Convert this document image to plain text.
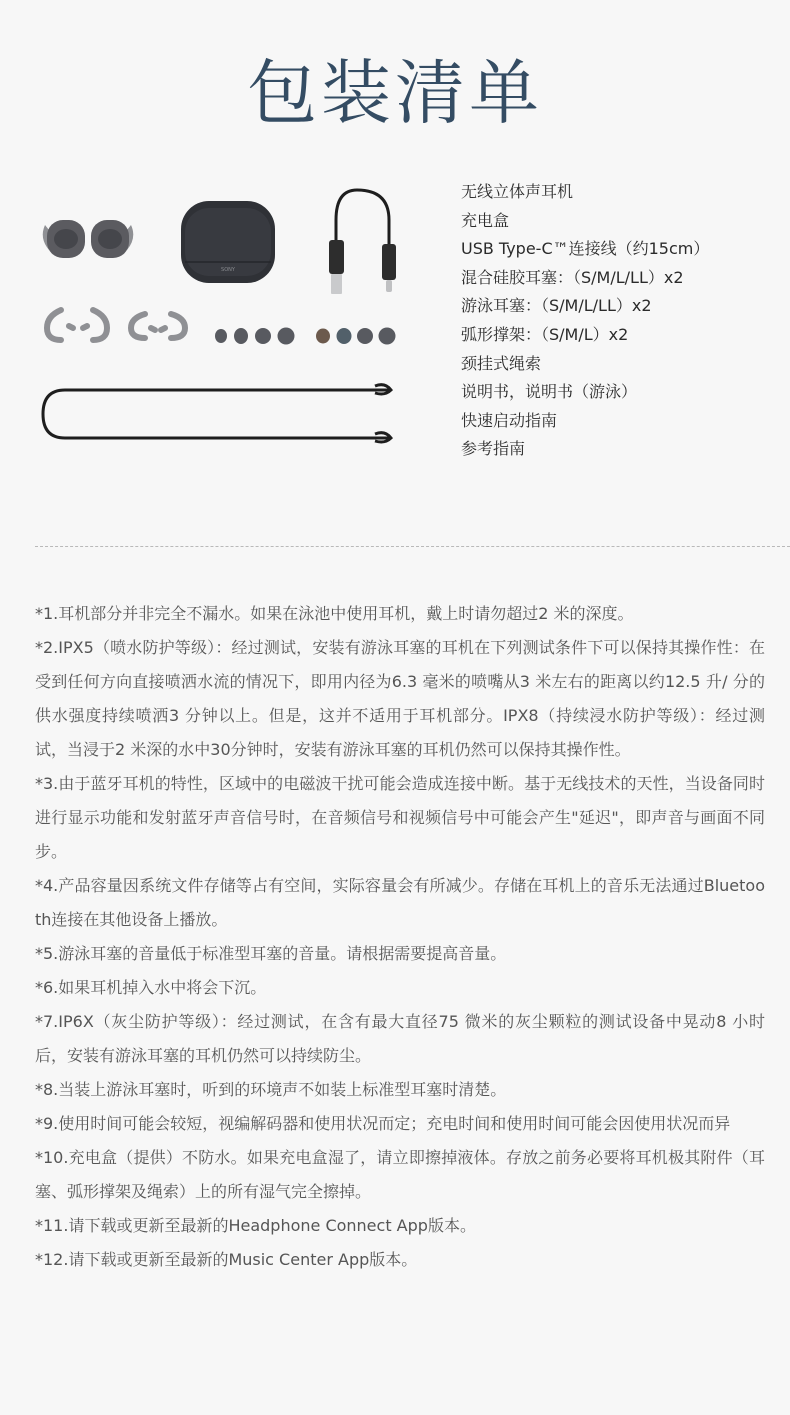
包装清单
SONY
无线立体声耳机
充电盒
USB Type-C™连接线（约15cm）
混合硅胶耳塞：（S/M/L/LL）x2
游泳耳塞：（S/M/L/LL）x2
弧形撑架：（S/M/L）x2
颈挂式绳索
说明书，说明书（游泳）
快速启动指南
参考指南

*1.耳机部分并非完全不漏水。如果在泳池中使用耳机，戴上时请勿超过2 米的深度。

*2.IPX5（喷水防护等级）：经过测试，安装有游泳耳塞的耳机在下列测试条件下可以保持其操作性：在受到任何方向直接喷洒水流的情况下，即用内径为6.3 毫米的喷嘴从3 米左右的距离以约12.5 升/ 分的供水强度持续喷洒3 分钟以上。但是，这并不适用于耳机部分。IPX8（持续浸水防护等级）：经过测试，当浸于2 米深的水中30分钟时，安装有游泳耳塞的耳机仍然可以保持其操作性。

*3.由于蓝牙耳机的特性，区域中的电磁波干扰可能会造成连接中断。基于无线技术的天性，当设备同时进行显示功能和发射蓝牙声音信号时，在音频信号和视频信号中可能会产生"延迟"，即声音与画面不同步。

*4.产品容量因系统文件存储等占有空间，实际容量会有所减少。存储在耳机上的音乐无法通过Bluetooth连接在其他设备上播放。

*5.游泳耳塞的音量低于标准型耳塞的音量。请根据需要提高音量。

*6.如果耳机掉入水中将会下沉。

*7.IP6X（灰尘防护等级）：经过测试，在含有最大直径75 微米的灰尘颗粒的测试设备中晃动8 小时后，安装有游泳耳塞的耳机仍然可以持续防尘。

*8.当装上游泳耳塞时，听到的环境声不如装上标准型耳塞时清楚。

*9.使用时间可能会较短，视编解码器和使用状况而定；充电时间和使用时间可能会因使用状况而异

*10.充电盒（提供）不防水。如果充电盒湿了，请立即擦掉液体。存放之前务必要将耳机极其附件（耳塞、弧形撑架及绳索）上的所有湿气完全擦掉。

*11.请下载或更新至最新的Headphone Connect App版本。

*12.请下载或更新至最新的Music Center App版本。
